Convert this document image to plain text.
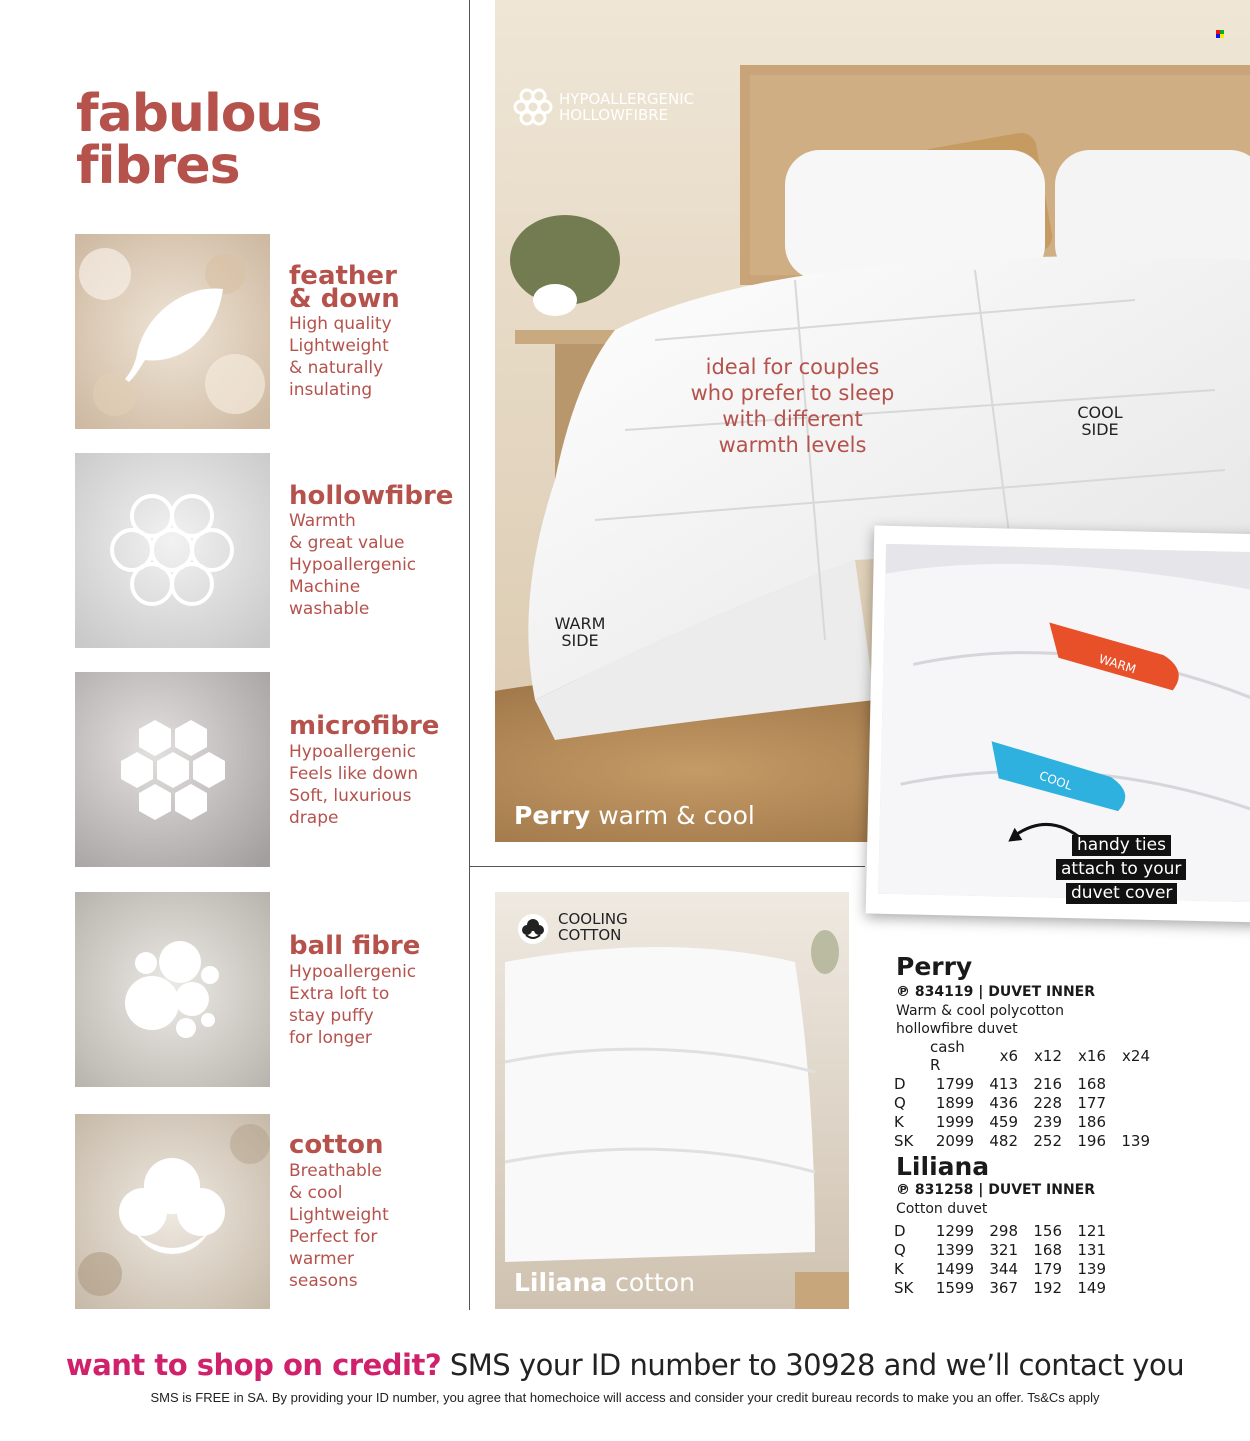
fabulous
fibres
feather
& down
High quality
Lightweight
& naturally
insulating
hollowfibre
Warmth
& great value
Hypoallergenic
Machine
washable
microfibre
Hypoallergenic
Feels like down
Soft, luxurious
drape
ball fibre
Hypoallergenic
Extra loft to
stay puffy
for longer
cotton
Breathable
& cool
Lightweight
Perfect for
warmer
seasons
HYPOALLERGENIC
HOLLOWFIBRE
ideal for couples
who prefer to sleep
with different
warmth levels
COOL
SIDE
WARM
SIDE
Perry warm & cool
WARM
COOL
handy ties
attach to your
duvet cover
COOLING
COTTON
Liliana cotton
Perry
℗ 834119 | DUVET INNER
Warm & cool polycotton
hollowfibre duvet
	cash R	x6	x12	x16	x24
D	1799	413	216	168	
Q	1899	436	228	177	
K	1999	459	239	186	
SK	2099	482	252	196	139
Liliana
℗ 831258 | DUVET INNER
Cotton duvet
D	1299	298	156	121
Q	1399	321	168	131
K	1499	344	179	139
SK	1599	367	192	149
want to shop on credit? SMS your ID number to 30928 and we’ll contact you
SMS is FREE in SA. By providing your ID number, you agree that homechoice will access and consider your credit bureau records to make you an offer. Ts&Cs apply
